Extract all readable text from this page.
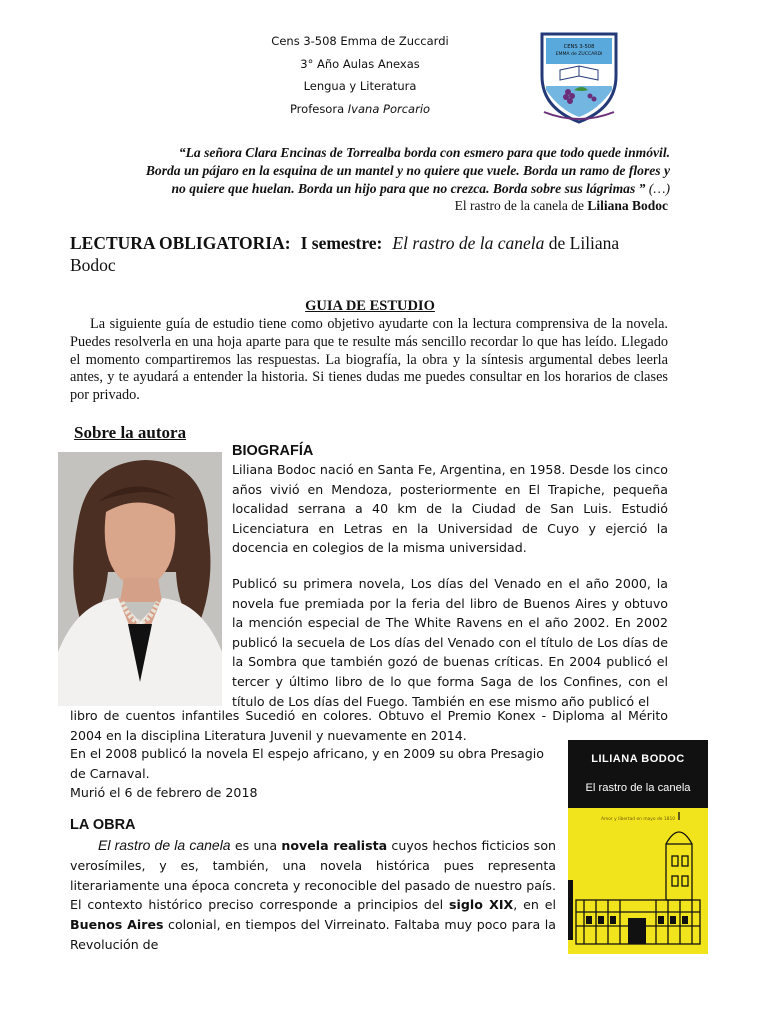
Cens 3-508 Emma de Zuccardi
3° Año Aulas Anexas
Lengua y Literatura
Profesora Ivana Porcario
CENS 3-508
EMMA de ZUCCARDI
“La señora Clara Encinas de Torrealba borda con esmero para que todo quede inmóvil.
Borda un pájaro en la esquina de un mantel y no quiere que vuele. Borda un ramo de flores y
no quiere que huelan. Borda un hijo para que no crezca. Borda sobre sus lágrimas ” (…)
El rastro de la canela de Liliana Bodoc
LECTURA OBLIGATORIA: I semestre: El rastro de la canela de Liliana
Bodoc
GUIA DE ESTUDIO
La siguiente guía de estudio tiene como objetivo ayudarte con la lectura comprensiva de la novela. Puedes resolverla en una hoja aparte para que te resulte más sencillo recordar lo que has leído. Llegado el momento compartiremos las respuestas. La biografía, la obra y la síntesis argumental debes leerla antes, y te ayudará a entender la historia. Si tienes dudas me puedes consultar en los horarios de clases por privado.
Sobre la autora
BIOGRAFÍA
Liliana Bodoc nació en Santa Fe, Argentina, en 1958. Desde los cinco años vivió en Mendoza, posteriormente en El Trapiche, pequeña localidad serrana a 40 km de la Ciudad de San Luis. Estudió Licenciatura en Letras en la Universidad de Cuyo y ejerció la docencia en colegios de la misma universidad.
Publicó su primera novela, Los días del Venado en el año 2000, la novela fue premiada por la feria del libro de Buenos Aires y obtuvo la mención especial de The White Ravens en el año 2002. En 2002 publicó la secuela de Los días del Venado con el título de Los días de la Sombra que también gozó de buenas críticas. En 2004 publicó el tercer y último libro de lo que forma Saga de los Confines, con el título de Los días del Fuego. También en ese mismo año publicó el
libro de cuentos infantiles Sucedió en colores. Obtuvo el Premio Konex - Diploma al Mérito 2004 en la disciplina Literatura Juvenil y nuevamente en 2014.
En el 2008 publicó la novela El espejo africano, y en 2009 su obra Presagio de Carnaval.
Murió el 6 de febrero de 2018
LA OBRA
El rastro de la canela es una novela realista cuyos hechos ficticios son verosímiles, y es, también, una novela histórica pues representa literariamente una época concreta y reconocible del pasado de nuestro país. El contexto histórico preciso corresponde a principios del siglo XIX, en el Buenos Aires colonial, en tiempos del Virreinato. Faltaba muy poco para la Revolución de
LILIANA BODOC
El rastro de la canela
Amor y libertad en mayo de 1810
